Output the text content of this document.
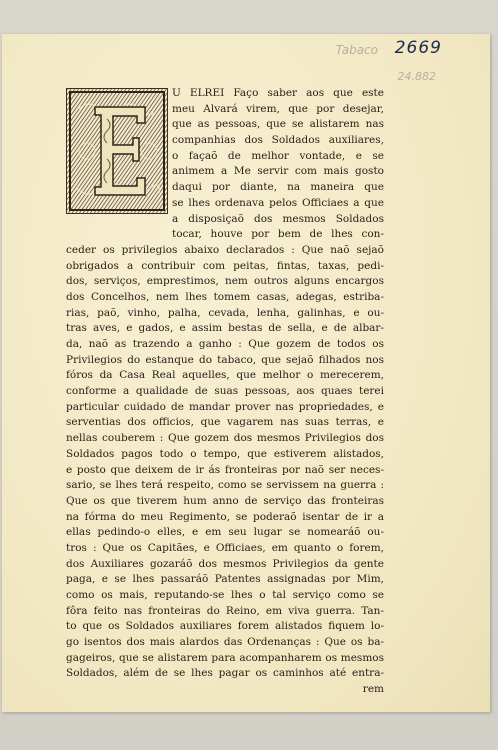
2669
Tabaco
24.882
U ELREI Faço saber aos que este
meu Alvará virem, que por desejar,
que as pessoas, que se alistarem nas
companhias dos Soldados auxiliares,
o façaõ de melhor vontade, e se
animem a Me servir com mais gosto
daqui por diante, na maneira que
se lhes ordenava pelos Officiaes a que
a disposiçaõ dos mesmos Soldados
tocar, houve por bem de lhes con-
ceder os privilegios abaixo declarados : Que naõ sejaõ
obrigados a contribuir com peitas, fintas, taxas, pedi-
dos, serviços, emprestimos, nem outros alguns encargos
dos Concelhos, nem lhes tomem casas, adegas, estriba-
rias, paõ, vinho, palha, cevada, lenha, galinhas, e ou-
tras aves, e gados, e assim bestas de sella, e de albar-
da, naõ as trazendo a ganho : Que gozem de todos os
Privilegios do estanque do tabaco, que sejaõ filhados nos
fóros da Casa Real aquelles, que melhor o merecerem,
conforme a qualidade de suas pessoas, aos quaes terei
particular cuidado de mandar prover nas propriedades, e
serventias dos officios, que vagarem nas suas terras, e
nellas couberem : Que gozem dos mesmos Privilegios dos
Soldados pagos todo o tempo, que estiverem alistados,
e posto que deixem de ir ás fronteiras por naõ ser neces-
sario, se lhes terá respeito, como se servissem na guerra :
Que os que tiverem hum anno de serviço das fronteiras
na fórma do meu Regimento, se poderaõ isentar de ir a
ellas pedindo-o elles, e em seu lugar se nomearáõ ou-
tros : Que os Capitães, e Officiaes, em quanto o forem,
dos Auxiliares gozaráõ dos mesmos Privilegios da gente
paga, e se lhes passaráõ Patentes assignadas por Mim,
como os mais, reputando-se lhes o tal serviço como se
fôra feito nas fronteiras do Reino, em viva guerra. Tan-
to que os Soldados auxiliares forem alistados fiquem lo-
go isentos dos mais alardos das Ordenanças : Que os ba-
gageiros, que se alistarem para acompanharem os mesmos
Soldados, além de se lhes pagar os caminhos até entra-
rem
